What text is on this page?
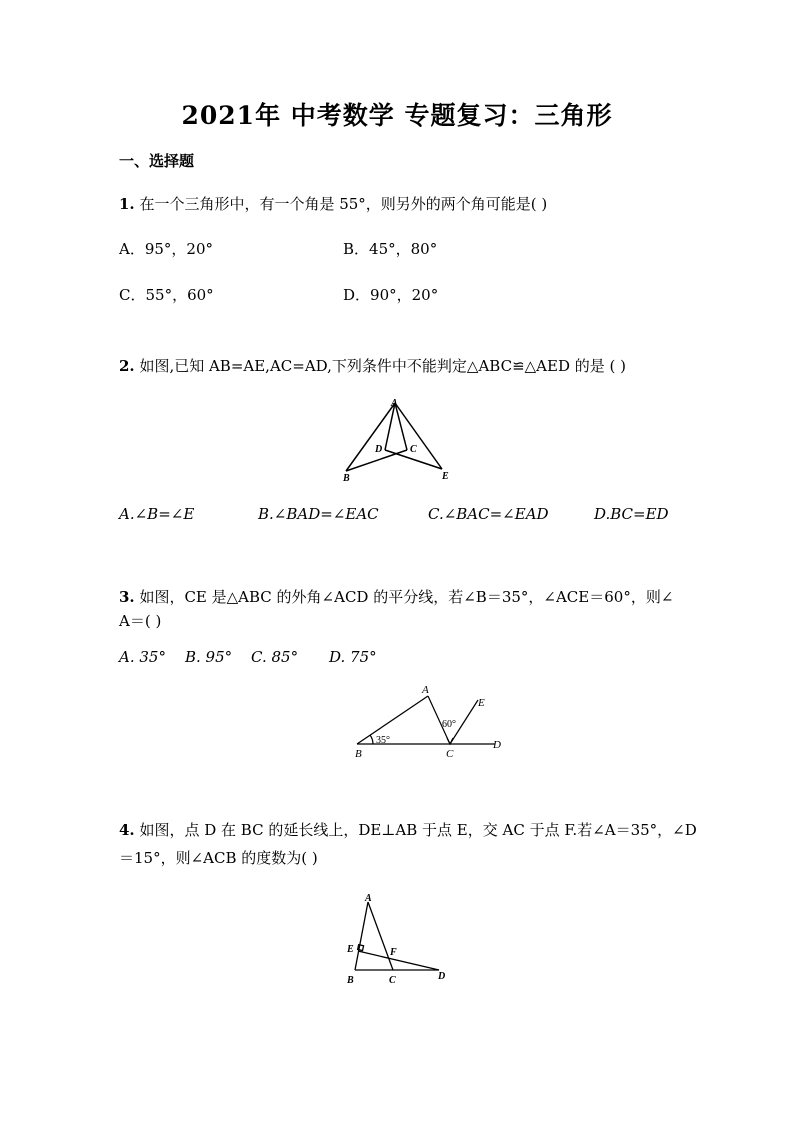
2021年 中考数学 专题复习：三角形
一、选择题
1. 在一个三角形中，有一个角是 55°，则另外的两个角可能是( )
A．95°，20°	B．45°，80°
C．55°，60°	D．90°，20°
2. 如图,已知 AB=AE,AC=AD,下列条件中不能判定△ABC≌△AED 的是 ( )
A
D	C
B	E
A.∠B=∠E	B.∠BAD=∠EAC	C.∠BAC=∠EAD	D.BC=ED
3. 如图，CE 是△ABC 的外角∠ACD 的平分线，若∠B＝35°，∠ACE＝60°，则∠
A＝( )
A. 35° B. 95° C. 85° D. 75°
A
E
D
B	C
60°
35°
4. 如图，点 D 在 BC 的延长线上，DE⊥AB 于点 E，交 AC 于点 F.若∠A＝35°，∠D
＝15°，则∠ACB 的度数为( )
A
E	F
B	C	D
